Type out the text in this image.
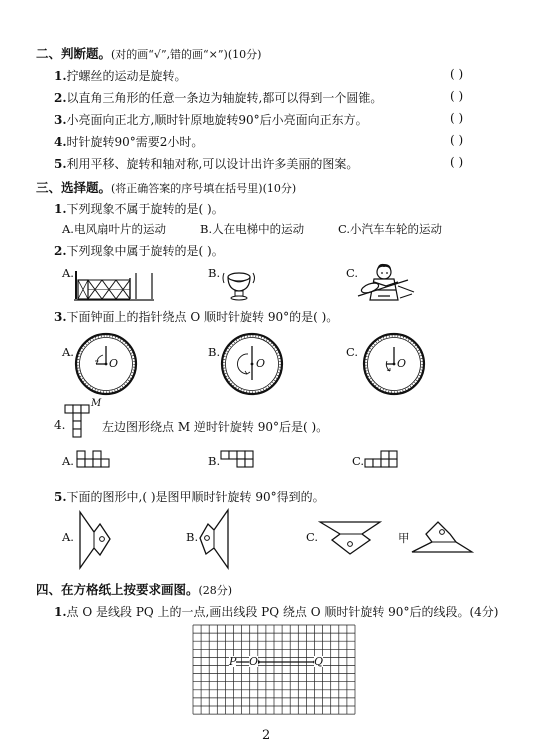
二、判断题。(对的画“√”,错的画“×”)(10分)
1.拧螺丝的运动是旋转。	( )
2.以直角三角形的任意一条边为轴旋转,都可以得到一个圆锥。	( )
3.小亮面向正北方,顺时针原地旋转90°后小亮面向正东方。	( )
4.时针旋转90°需要2小时。	( )
5.利用平移、旋转和轴对称,可以设计出许多美丽的图案。	( )
三、选择题。(将正确答案的序号填在括号里)(10分)
1.下列现象不属于旋转的是( )。
A.电风扇叶片的运动	B.人在电梯中的运动	C.小汽车车轮的运动
2.下列现象中属于旋转的是( )。
A.	B.	C.
3.下面钟面上的指针绕点 O 顺时针旋转 90°的是( )。
A.	B.	C.
O	O	O
4.
M
左边图形绕点 M 逆时针旋转 90°后是( )。
A.	B.	C.
5.下面的图形中,( )是图甲顺时针旋转 90°得到的。
A.	B.	C.	甲
四、在方格纸上按要求画图。(28分)
1.点 O 是线段 PQ 上的一点,画出线段 PQ 绕点 O 顺时针旋转 90°后的线段。(4分)
P O	Q
2
